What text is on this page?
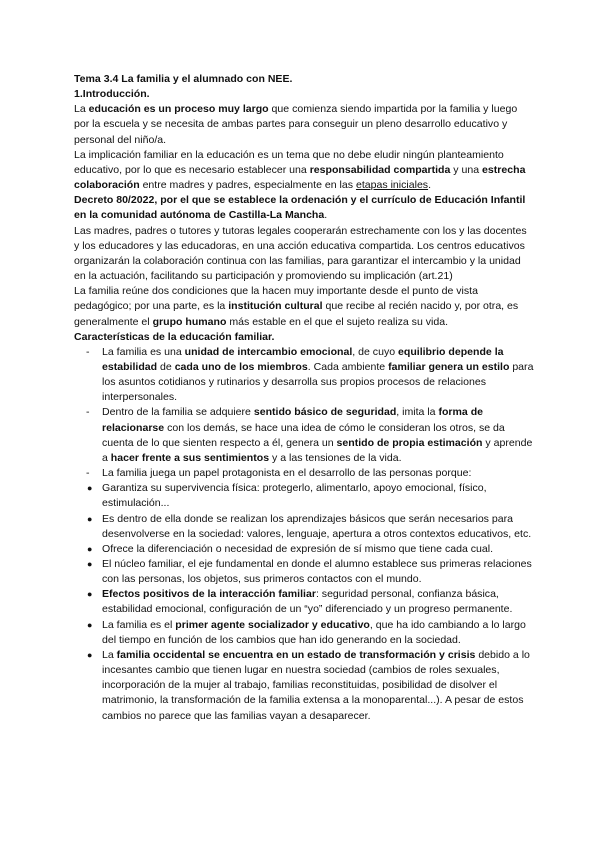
Tema 3.4 La familia y el alumnado con NEE.

1.Introducción.

La educación es un proceso muy largo que comienza siendo impartida por la familia y luego por la escuela y se necesita de ambas partes para conseguir un pleno desarrollo educativo y personal del niño/a.

La implicación familiar en la educación es un tema que no debe eludir ningún planteamiento educativo, por lo que es necesario establecer una responsabilidad compartida y una estrecha colaboración entre madres y padres, especialmente en las etapas iniciales.

Decreto 80/2022, por el que se establece la ordenación y el currículo de Educación Infantil en la comunidad autónoma de Castilla-La Mancha.

Las madres, padres o tutores y tutoras legales cooperarán estrechamente con los y las docentes y los educadores y las educadoras, en una acción educativa compartida. Los centros educativos organizarán la colaboración continua con las familias, para garantizar el intercambio y la unidad en la actuación, facilitando su participación y promoviendo su implicación (art.21)

La familia reúne dos condiciones que la hacen muy importante desde el punto de vista pedagógico; por una parte, es la institución cultural que recibe al recién nacido y, por otra, es generalmente el grupo humano más estable en el que el sujeto realiza su vida.

Características de la educación familiar.

- La familia es una unidad de intercambio emocional, de cuyo equilibrio depende la estabilidad de cada uno de los miembros. Cada ambiente familiar genera un estilo para los asuntos cotidianos y rutinarios y desarrolla sus propios procesos de relaciones interpersonales.
- Dentro de la familia se adquiere sentido básico de seguridad, imita la forma de relacionarse con los demás, se hace una idea de cómo le consideran los otros, se da cuenta de lo que sienten respecto a él, genera un sentido de propia estimación y aprende a hacer frente a sus sentimientos y a las tensiones de la vida.
- La familia juega un papel protagonista en el desarrollo de las personas porque:
● Garantiza su supervivencia física: protegerlo, alimentarlo, apoyo emocional, físico, estimulación...
● Es dentro de ella donde se realizan los aprendizajes básicos que serán necesarios para desenvolverse en la sociedad: valores, lenguaje, apertura a otros contextos educativos, etc.
● Ofrece la diferenciación o necesidad de expresión de sí mismo que tiene cada cual.
● El núcleo familiar, el eje fundamental en donde el alumno establece sus primeras relaciones con las personas, los objetos, sus primeros contactos con el mundo.
● Efectos positivos de la interacción familiar: seguridad personal, confianza básica, estabilidad emocional, configuración de un “yo” diferenciado y un progreso permanente.
● La familia es el primer agente socializador y educativo, que ha ido cambiando a lo largo del tiempo en función de los cambios que han ido generando en la sociedad.
● La familia occidental se encuentra en un estado de transformación y crisis debido a lo incesantes cambio que tienen lugar en nuestra sociedad (cambios de roles sexuales, incorporación de la mujer al trabajo, familias reconstituidas, posibilidad de disolver el matrimonio, la transformación de la familia extensa a la monoparental...). A pesar de estos cambios no parece que las familias vayan a desaparecer.
